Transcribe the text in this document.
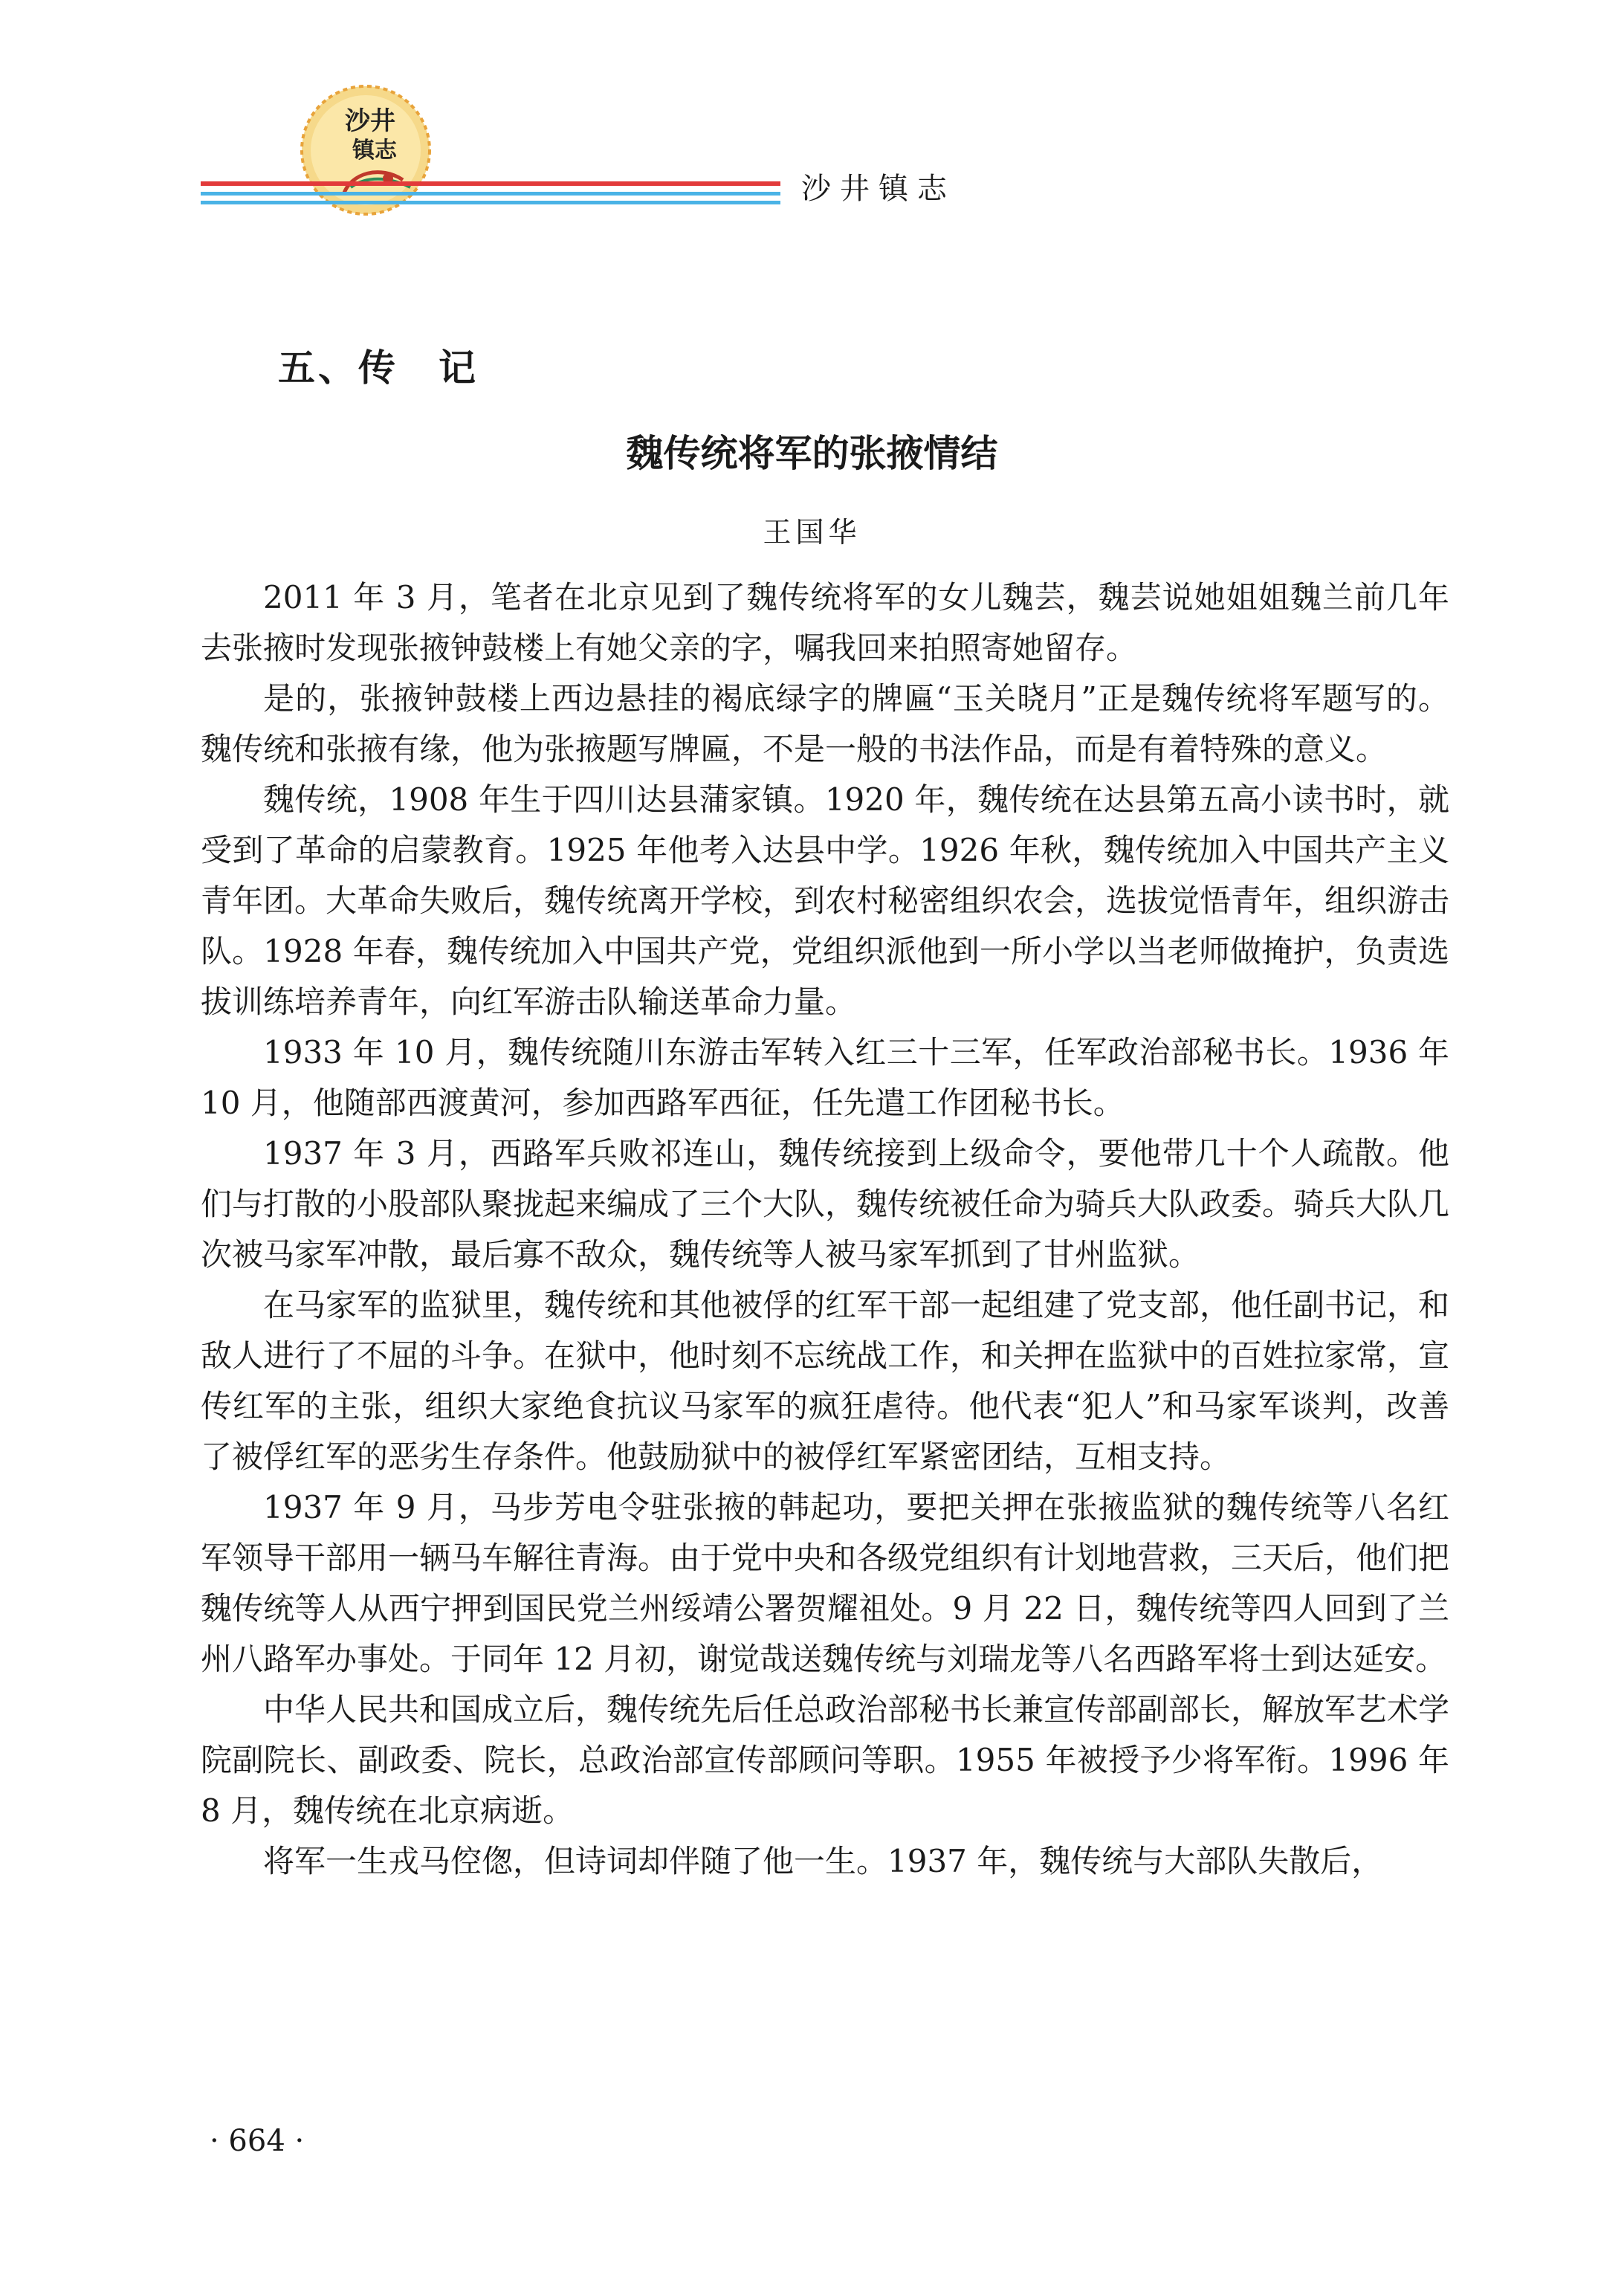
沙井
镇志
沙井镇志
五、传　记
魏传统将军的张掖情结
王国华

2011 年 3 月，笔者在北京见到了魏传统将军的女儿魏芸，魏芸说她姐姐魏兰前几年去张掖时发现张掖钟鼓楼上有她父亲的字，嘱我回来拍照寄她留存。

是的，张掖钟鼓楼上西边悬挂的褐底绿字的牌匾“玉关晓月”正是魏传统将军题写的。魏传统和张掖有缘，他为张掖题写牌匾，不是一般的书法作品，而是有着特殊的意义。

魏传统，1908 年生于四川达县蒲家镇。1920 年，魏传统在达县第五高小读书时，就受到了革命的启蒙教育。1925 年他考入达县中学。1926 年秋，魏传统加入中国共产主义青年团。大革命失败后，魏传统离开学校，到农村秘密组织农会，选拔觉悟青年，组织游击队。1928 年春，魏传统加入中国共产党，党组织派他到一所小学以当老师做掩护，负责选拔训练培养青年，向红军游击队输送革命力量。

1933 年 10 月，魏传统随川东游击军转入红三十三军，任军政治部秘书长。1936 年 10 月，他随部西渡黄河，参加西路军西征，任先遣工作团秘书长。

1937 年 3 月，西路军兵败祁连山，魏传统接到上级命令，要他带几十个人疏散。他们与打散的小股部队聚拢起来编成了三个大队，魏传统被任命为骑兵大队政委。骑兵大队几次被马家军冲散，最后寡不敌众，魏传统等人被马家军抓到了甘州监狱。

在马家军的监狱里，魏传统和其他被俘的红军干部一起组建了党支部，他任副书记，和敌人进行了不屈的斗争。在狱中，他时刻不忘统战工作，和关押在监狱中的百姓拉家常，宣传红军的主张，组织大家绝食抗议马家军的疯狂虐待。他代表“犯人”和马家军谈判，改善了被俘红军的恶劣生存条件。他鼓励狱中的被俘红军紧密团结，互相支持。

1937 年 9 月，马步芳电令驻张掖的韩起功，要把关押在张掖监狱的魏传统等八名红军领导干部用一辆马车解往青海。由于党中央和各级党组织有计划地营救，三天后，他们把魏传统等人从西宁押到国民党兰州绥靖公署贺耀祖处。9 月 22 日，魏传统等四人回到了兰州八路军办事处。于同年 12 月初，谢觉哉送魏传统与刘瑞龙等八名西路军将士到达延安。

中华人民共和国成立后，魏传统先后任总政治部秘书长兼宣传部副部长，解放军艺术学院副院长、副政委、院长，总政治部宣传部顾问等职。1955 年被授予少将军衔。1996 年 8 月，魏传统在北京病逝。

将军一生戎马倥偬，但诗词却伴随了他一生。1937 年，魏传统与大部队失散后，

· 664 ·
